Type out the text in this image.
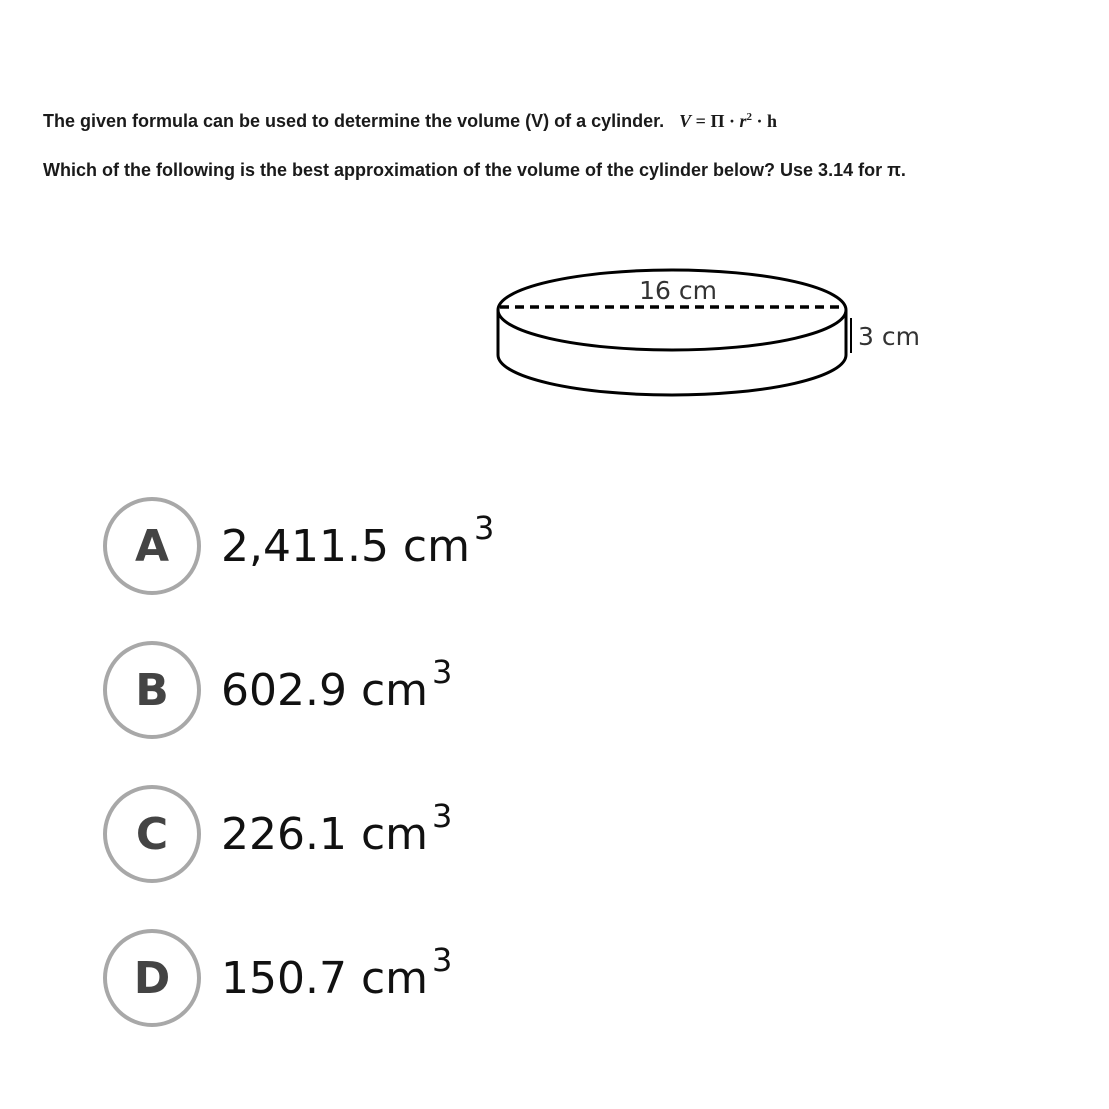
The given formula can be used to determine the volume (V) of a cylinder. $V = \Pi \cdot r^2 \cdot h$
Which of the following is the best approximation of the volume of the cylinder below? Use 3.14 for π.
16 cm
3 cm
A	2,411.5 cm $^3$
B	602.9 cm $^3$
C	226.1 cm $^3$
D	150.7 cm $^3$
